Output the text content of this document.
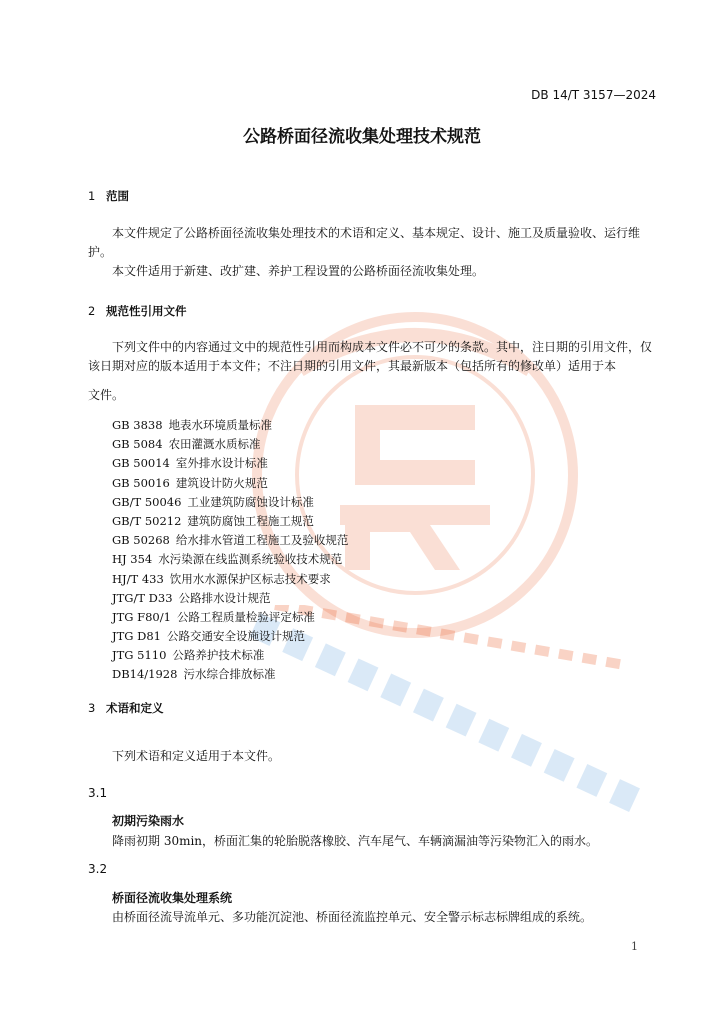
DB 14/T 3157—2024
公路桥面径流收集处理技术规范
1 范围

本文件规定了公路桥面径流收集处理技术的术语和定义、基本规定、设计、施工及质量验收、运行维护。

本文件适用于新建、改扩建、养护工程设置的公路桥面径流收集处理。

2 规范性引用文件

下列文件中的内容通过文中的规范性引用而构成本文件必不可少的条款。其中，注日期的引用文件，仅该日期对应的版本适用于本文件；不注日期的引用文件，其最新版本（包括所有的修改单）适用于本

文件。

GB 3838 地表水环境质量标准
GB 5084 农田灌溉水质标准
GB 50014 室外排水设计标准
GB 50016 建筑设计防火规范
GB/T 50046 工业建筑防腐蚀设计标准
GB/T 50212 建筑防腐蚀工程施工规范
GB 50268 给水排水管道工程施工及验收规范
HJ 354 水污染源在线监测系统验收技术规范
HJ/T 433 饮用水水源保护区标志技术要求
JTG/T D33 公路排水设计规范
JTG F80/1 公路工程质量检验评定标准
JTG D81 公路交通安全设施设计规范
JTG 5110 公路养护技术标准
DB14/1928 污水综合排放标准
3 术语和定义

下列术语和定义适用于本文件。

3.1
初期污染雨水
降雨初期 30min，桥面汇集的轮胎脱落橡胶、汽车尾气、车辆滴漏油等污染物汇入的雨水。
3.2
桥面径流收集处理系统
由桥面径流导流单元、多功能沉淀池、桥面径流监控单元、安全警示标志标牌组成的系统。
1
